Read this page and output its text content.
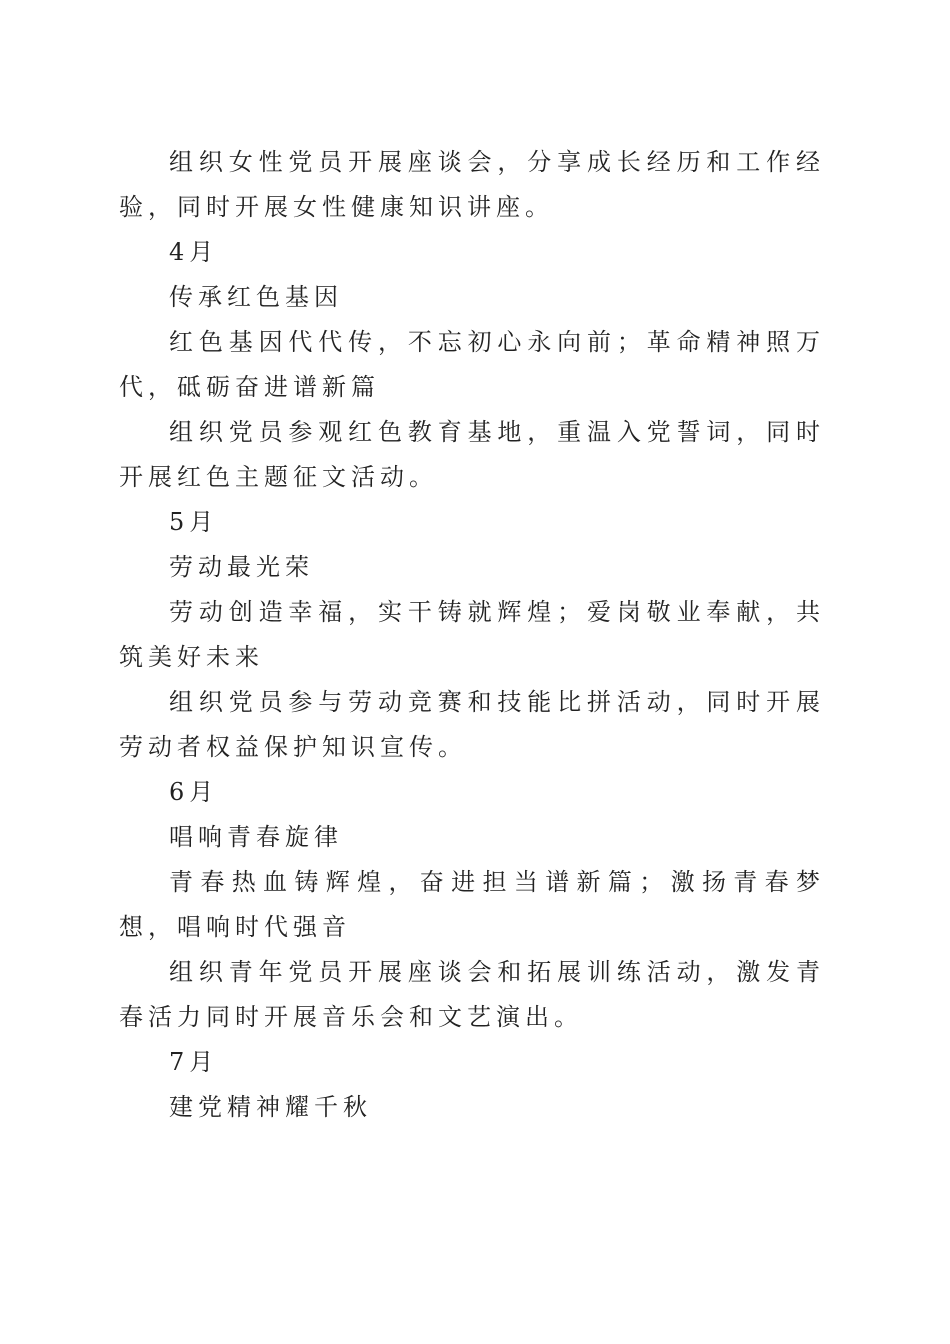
组织女性党员开展座谈会，分享成长经历和工作经验，同时开展女性健康知识讲座。

4月

传承红色基因

红色基因代代传，不忘初心永向前；革命精神照万代，砥砺奋进谱新篇

组织党员参观红色教育基地，重温入党誓词，同时开展红色主题征文活动。

5月

劳动最光荣

劳动创造幸福，实干铸就辉煌；爱岗敬业奉献，共筑美好未来

组织党员参与劳动竞赛和技能比拼活动，同时开展劳动者权益保护知识宣传。

6月

唱响青春旋律

青春热血铸辉煌，奋进担当谱新篇；激扬青春梦想，唱响时代强音

组织青年党员开展座谈会和拓展训练活动，激发青春活力同时开展音乐会和文艺演出。

7月

建党精神耀千秋
